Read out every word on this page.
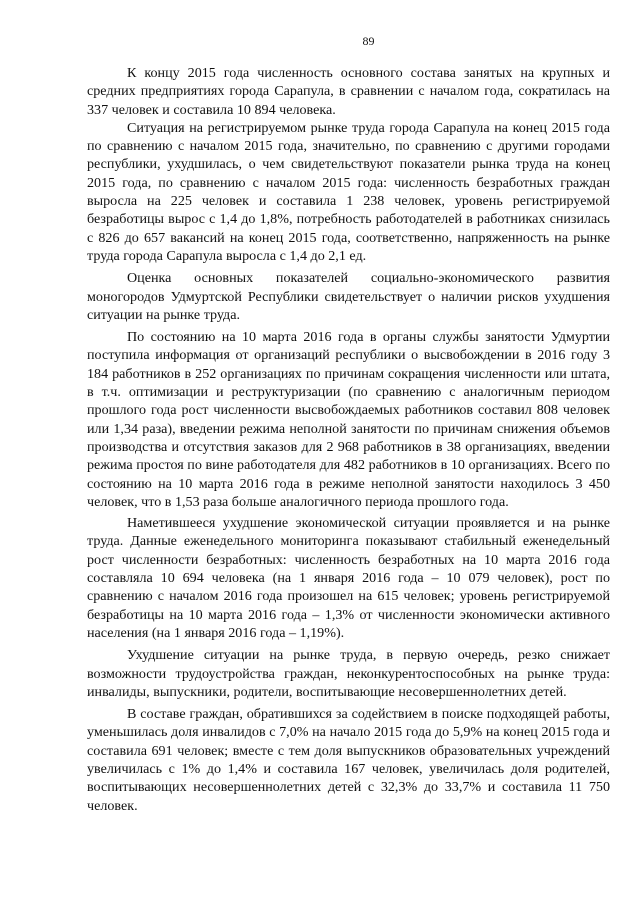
89

К концу 2015 года численность основного состава занятых на крупных и средних предприятиях города Сарапула, в сравнении с началом года, сократилась на 337 человек и составила 10 894 человека.

Ситуация на регистрируемом рынке труда города Сарапула на конец 2015 года по сравнению с началом 2015 года, значительно, по сравнению с другими городами республики, ухудшилась, о чем свидетельствуют показатели рынка труда на конец 2015 года, по сравнению с началом 2015 года: численность безработных граждан выросла на 225 человек и составила 1 238 человек, уровень регистрируемой безработицы вырос с 1,4 до 1,8%, потребность работодателей в работниках снизилась с 826 до 657 вакансий на конец 2015 года, соответственно, напряженность на рынке труда города Сарапула выросла с 1,4 до 2,1 ед.

Оценка основных показателей социально-экономического развития моногородов Удмуртской Республики свидетельствует о наличии рисков ухудшения ситуации на рынке труда.

По состоянию на 10 марта 2016 года в органы службы занятости Удмуртии поступила информация от организаций республики о высвобождении в 2016 году 3 184 работников в 252 организациях по причинам сокращения численности или штата, в т.ч. оптимизации и реструктуризации (по сравнению с аналогичным периодом прошлого года рост численности высвобождаемых работников составил 808 человек или 1,34 раза), введении режима неполной занятости по причинам снижения объемов производства и отсутствия заказов для 2 968 работников в 38 организациях, введении режима простоя по вине работодателя для 482 работников в 10 организациях. Всего по состоянию на 10 марта 2016 года в режиме неполной занятости находилось 3 450 человек, что в 1,53 раза больше аналогичного периода прошлого года.

Наметившееся ухудшение экономической ситуации проявляется и на рынке труда. Данные еженедельного мониторинга показывают стабильный еженедельный рост численности безработных: численность безработных на 10 марта 2016 года составляла 10 694 человека (на 1 января 2016 года – 10 079 человек), рост по сравнению с началом 2016 года произошел на 615 человек; уровень регистрируемой безработицы на 10 марта 2016 года – 1,3% от численности экономически активного населения (на 1 января 2016 года – 1,19%).

Ухудшение ситуации на рынке труда, в первую очередь, резко снижает возможности трудоустройства граждан, неконкурентоспособных на рынке труда: инвалиды, выпускники, родители, воспитывающие несовершеннолетних детей.

В составе граждан, обратившихся за содействием в поиске подходящей работы, уменьшилась доля инвалидов с 7,0% на начало 2015 года до 5,9% на конец 2015 года и составила 691 человек; вместе с тем доля выпускников образовательных учреждений увеличилась с 1% до 1,4% и составила 167 человек, увеличилась доля родителей, воспитывающих несовершеннолетних детей с 32,3% до 33,7% и составила 11 750 человек.
